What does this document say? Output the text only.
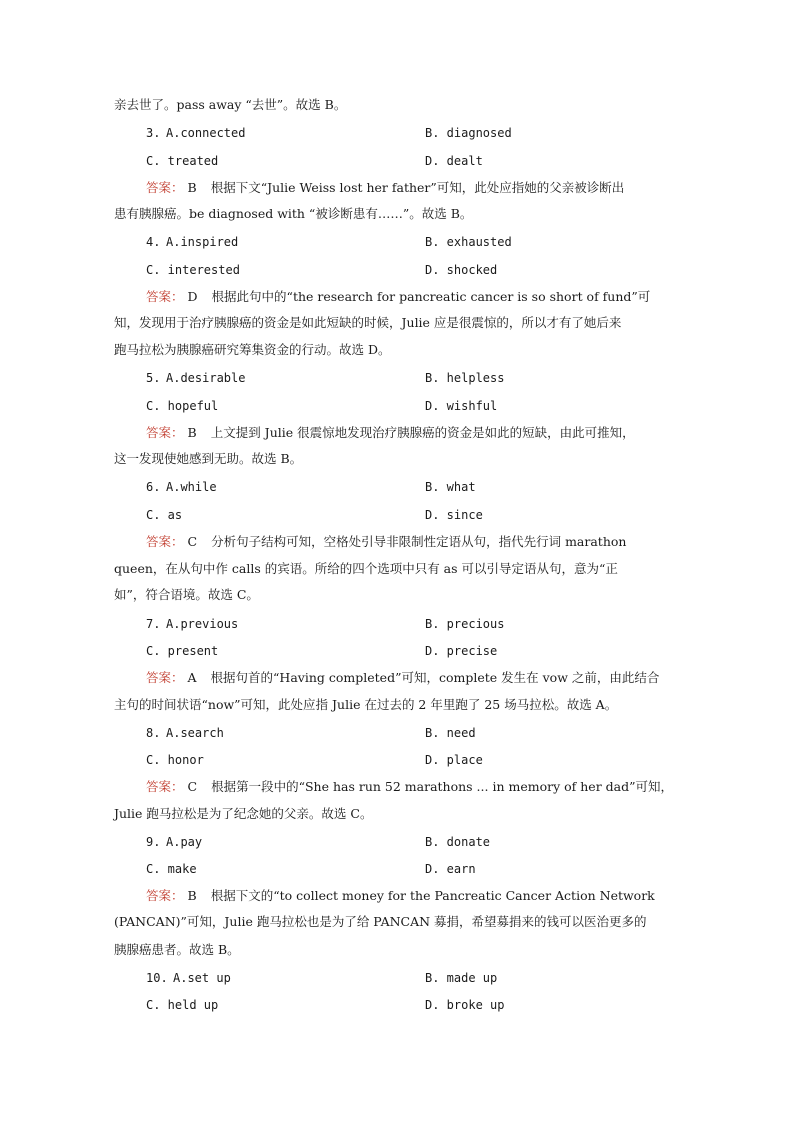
亲去世了。pass away “去世”。故选 B。
3. A.connected	B. diagnosed
C. treated	D. dealt
答案： B 根据下文“Julie Weiss lost her father”可知，此处应指她的父亲被诊断出
患有胰腺癌。be diagnosed with “被诊断患有……”。故选 B。
4. A.inspired	B. exhausted
C. interested	D. shocked
答案： D 根据此句中的“the research for pancreatic cancer is so short of fund”可
知，发现用于治疗胰腺癌的资金是如此短缺的时候，Julie 应是很震惊的，所以才有了她后来
跑马拉松为胰腺癌研究筹集资金的行动。故选 D。
5. A.desirable	B. helpless
C. hopeful	D. wishful
答案： B 上文提到 Julie 很震惊地发现治疗胰腺癌的资金是如此的短缺，由此可推知，
这一发现使她感到无助。故选 B。
6. A.while	B. what
C. as	D. since
答案： C 分析句子结构可知，空格处引导非限制性定语从句，指代先行词 marathon
queen，在从句中作 calls 的宾语。所给的四个选项中只有 as 可以引导定语从句，意为“正
如”，符合语境。故选 C。
7. A.previous	B. precious
C. present	D. precise
答案： A 根据句首的“Having completed”可知，complete 发生在 vow 之前，由此结合
主句的时间状语“now”可知，此处应指 Julie 在过去的 2 年里跑了 25 场马拉松。故选 A。
8. A.search	B. need
C. honor	D. place
答案： C 根据第一段中的“She has run 52 marathons ... in memory of her dad”可知，
Julie 跑马拉松是为了纪念她的父亲。故选 C。
9. A.pay	B. donate
C. make	D. earn
答案： B 根据下文的“to collect money for the Pancreatic Cancer Action Network
(PANCAN)”可知，Julie 跑马拉松也是为了给 PANCAN 募捐，希望募捐来的钱可以医治更多的
胰腺癌患者。故选 B。
10. A.set up	B. made up
C. held up	D. broke up
